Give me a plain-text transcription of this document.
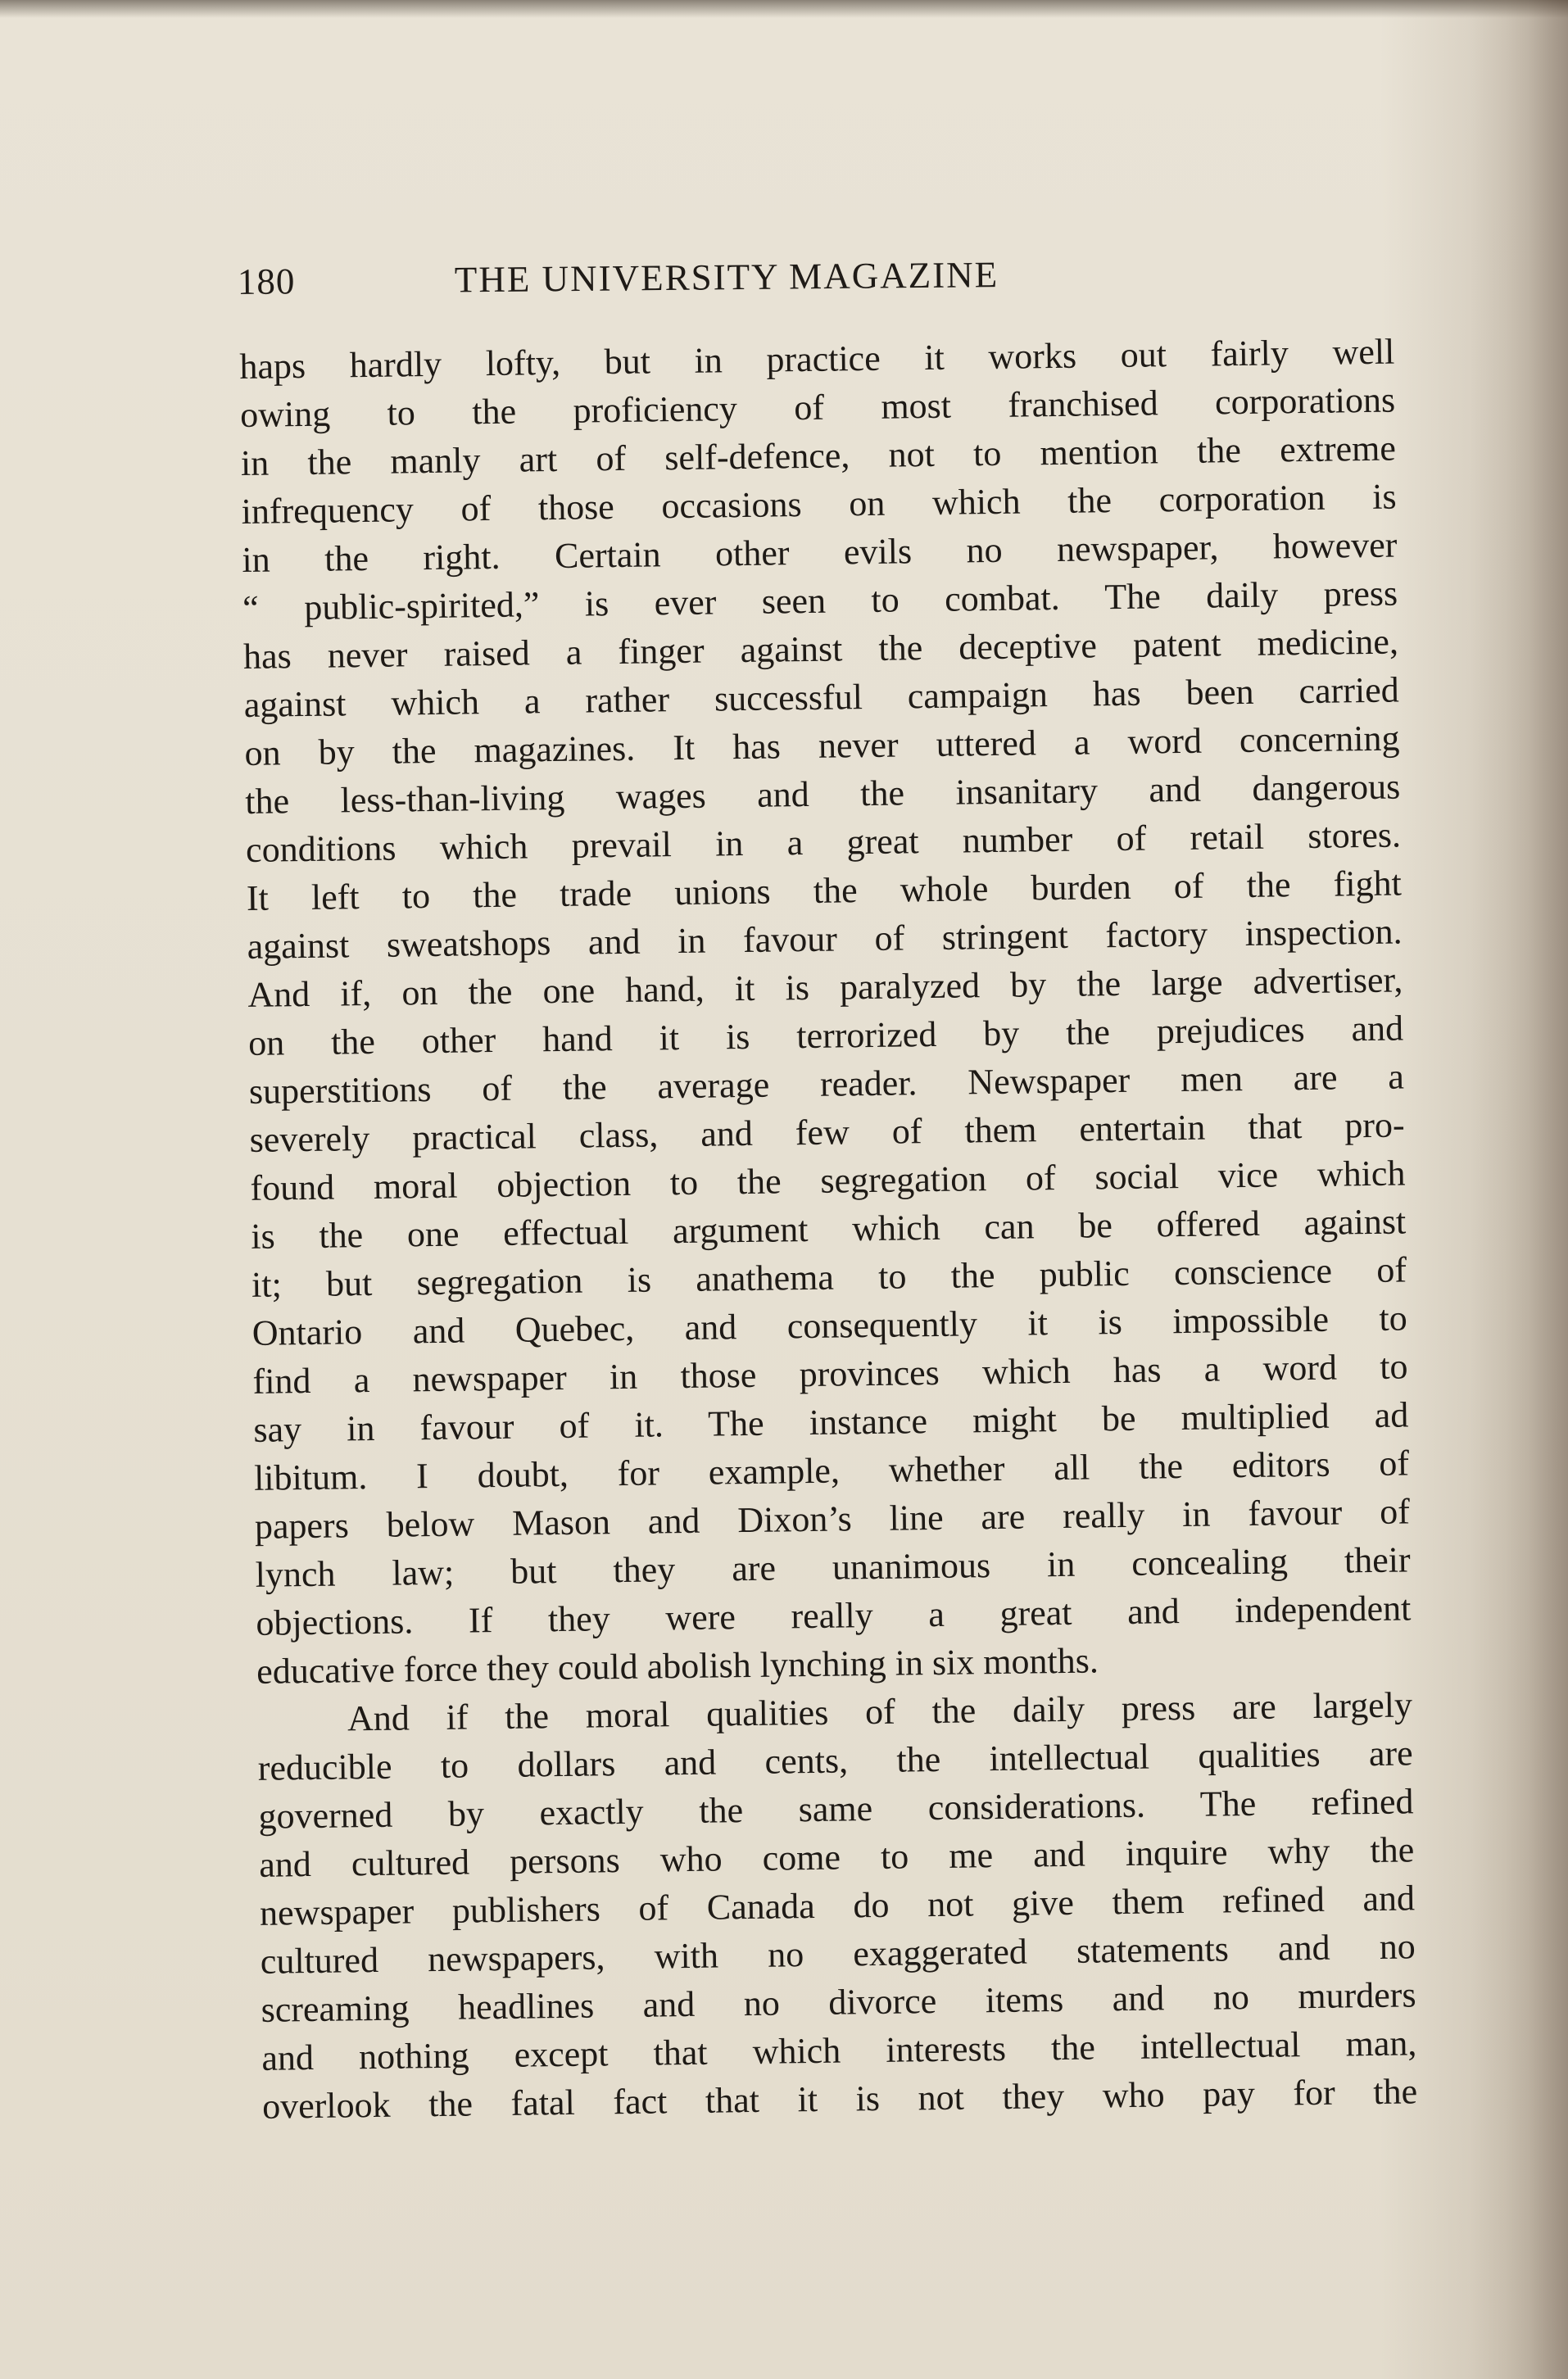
180	THE UNIVERSITY MAGAZINE
haps hardly lofty, but in practice it works out fairly well
owing to the proficiency of most franchised corporations
in the manly art of self-defence, not to mention the extreme
infrequency of those occasions on which the corporation is
in the right. Certain other evils no newspaper, however
“ public-spirited,” is ever seen to combat. The daily press
has never raised a finger against the deceptive patent medicine,
against which a rather successful campaign has been carried
on by the magazines. It has never uttered a word concerning
the less-than-living wages and the insanitary and dangerous
conditions which prevail in a great number of retail stores.
It left to the trade unions the whole burden of the fight
against sweatshops and in favour of stringent factory inspection.
And if, on the one hand, it is paralyzed by the large advertiser,
on the other hand it is terrorized by the prejudices and
superstitions of the average reader. Newspaper men are a
severely practical class, and few of them entertain that pro-
found moral objection to the segregation of social vice which
is the one effectual argument which can be offered against
it; but segregation is anathema to the public conscience of
Ontario and Quebec, and consequently it is impossible to
find a newspaper in those provinces which has a word to
say in favour of it. The instance might be multiplied ad
libitum. I doubt, for example, whether all the editors of
papers below Mason and Dixon’s line are really in favour of
lynch law; but they are unanimous in concealing their
objections. If they were really a great and independent
educative force they could abolish lynching in six months.
And if the moral qualities of the daily press are largely
reducible to dollars and cents, the intellectual qualities are
governed by exactly the same considerations. The refined
and cultured persons who come to me and inquire why the
newspaper publishers of Canada do not give them refined and
cultured newspapers, with no exaggerated statements and no
screaming headlines and no divorce items and no murders
and nothing except that which interests the intellectual man,
overlook the fatal fact that it is not they who pay for the
